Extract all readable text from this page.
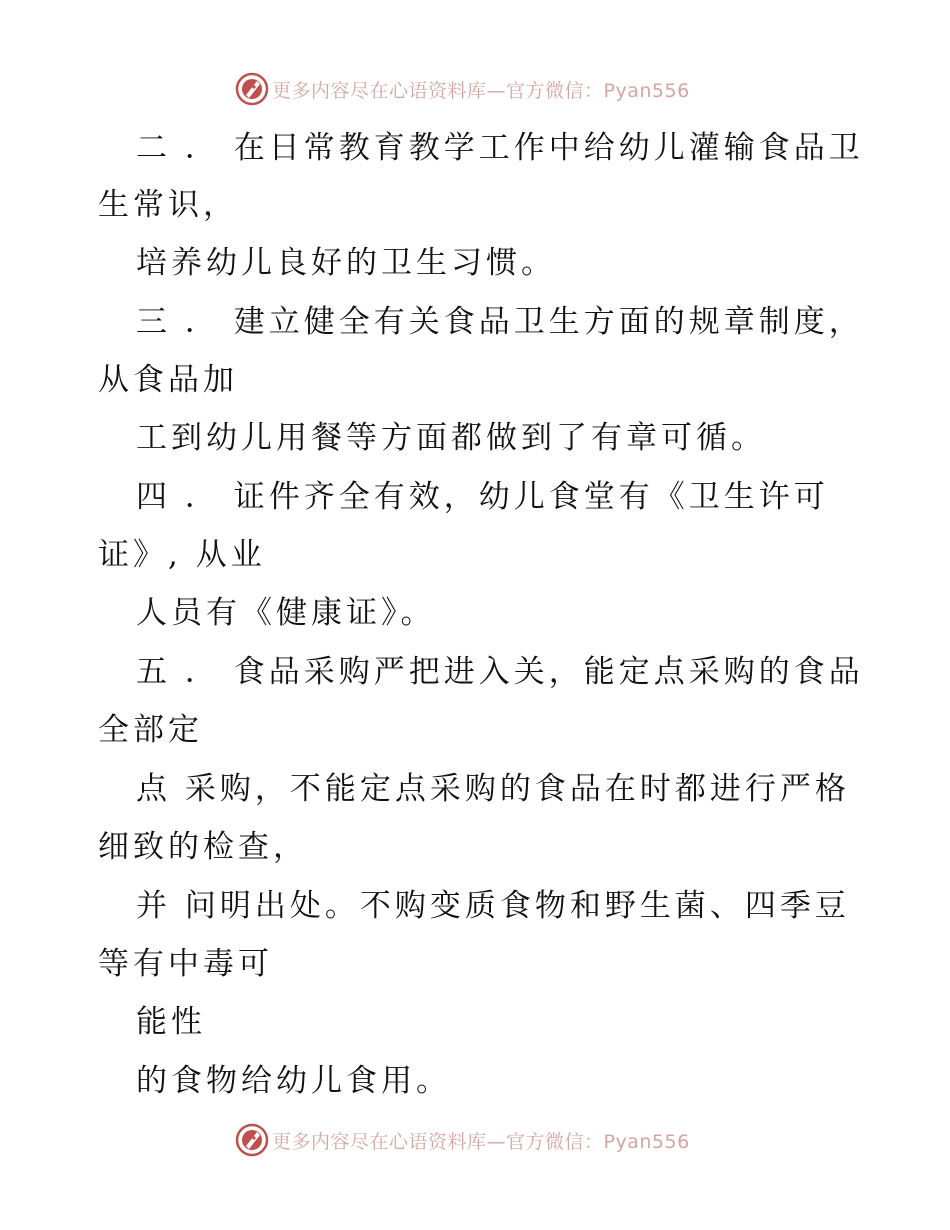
更多内容尽在心语资料库—官方微信：Pyan556
二 ． 在日常教育教学工作中给幼儿灌输食品卫
生常识，
培养幼儿良好的卫生习惯。
三 ． 建立健全有关食品卫生方面的规章制度，
从食品加
工到幼儿用餐等方面都做到了有章可循。
四 ． 证件齐全有效，幼儿食堂有《卫生许可
证》, 从业
人员有《健康证》。
五 ． 食品采购严把进入关，能定点采购的食品
全部定
点 采购，不能定点采购的食品在时都进行严格
细致的检查，
并 问明出处。不购变质食物和野生菌、四季豆
等有中毒可
能性
的食物给幼儿食用。
更多内容尽在心语资料库—官方微信：Pyan556
